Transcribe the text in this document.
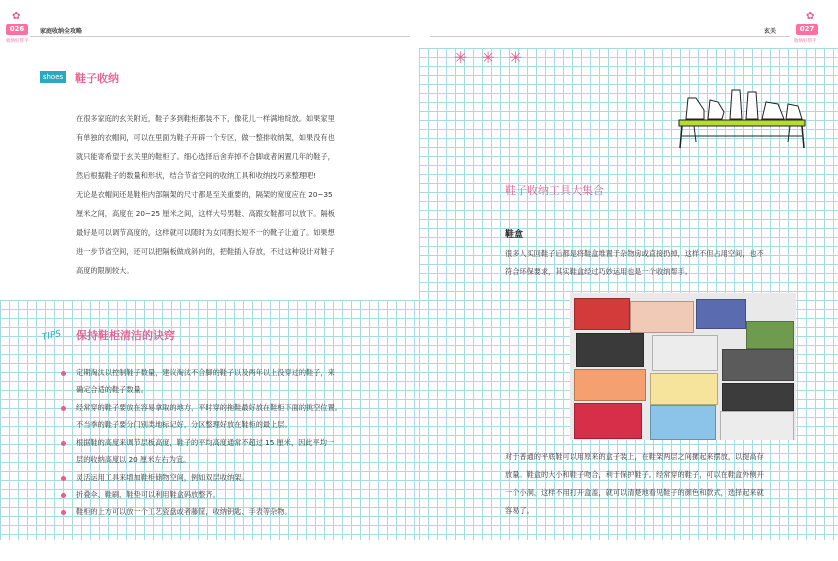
✿
026	家庭收纳全攻略
收纳好帮手
✿
027
玄关
收纳好帮手
shoes 鞋子收纳
在很多家庭的玄关附近，鞋子多到鞋柜都装不下，像花儿一样满地绽放。如果家里
有单独的衣帽间，可以在里面为鞋子开辟一个专区，做一整排收纳架，如果没有也
就只能寄希望于玄关里的鞋柜了。细心选择后舍弃掉不合脚或者闲置几年的鞋子，
然后根据鞋子的数量和形状，结合节省空间的收纳工具和收纳技巧来整理吧!
无论是衣帽间还是鞋柜内部隔架的尺寸都是至关重要的，隔架的宽度应在 20~35
厘米之间，高度在 20~25 厘米之间，这样大号男鞋、高跟女鞋都可以放下。隔板
最好是可以调节高度的，这样就可以随时为女同胞长短不一的靴子让道了。如果想
进一步节省空间，还可以把隔板做成斜向的，把鞋插入存放，不过这种设计对鞋子
高度的限制较大。
TIPS 保持鞋柜清洁的诀窍
定期淘汰以控制鞋子数量，建议淘汰不合脚的鞋子以及两年以上没穿过的鞋子，来
确定合适的鞋子数量。
经常穿的鞋子要放在容易拿取的地方，平时穿的拖鞋最好放在鞋柜下面的挑空位置。
不当季的鞋子要分门别类地标记好，分区整理好放在鞋柜的最上层。
根据鞋的高度来调节层板高度，鞋子的平均高度通常不超过 15 厘米，因此平均一
层的收纳高度以 20 厘米左右为宜。
灵活运用工具来增加鞋柜储物空间，例如双层收纳架。
折叠伞、鞋刷、鞋垫可以利用鞋盒码放整齐。
鞋柜的上方可以放一个工艺瓷盘或者藤筐，收纳钥匙、手表等杂物。
✳✳✳
鞋子收纳工具大集合
鞋盒
很多人买回鞋子后都是将鞋盒堆置于杂物房或直接扔掉，这样不但占用空间，也不
符合环保要求，其实鞋盒经过巧妙运用也是一个收纳帮手。
对于普通的平底鞋可以用原来的盒子装上，在鞋架两层之间摞起来摆放，以提高存
放量。鞋盒的大小和鞋子吻合，利于保护鞋子。经常穿的鞋子，可以在鞋盒外侧开
一个小洞，这样不用打开盒盖，就可以清楚地看见鞋子的颜色和款式，选择起来就
容易了。
